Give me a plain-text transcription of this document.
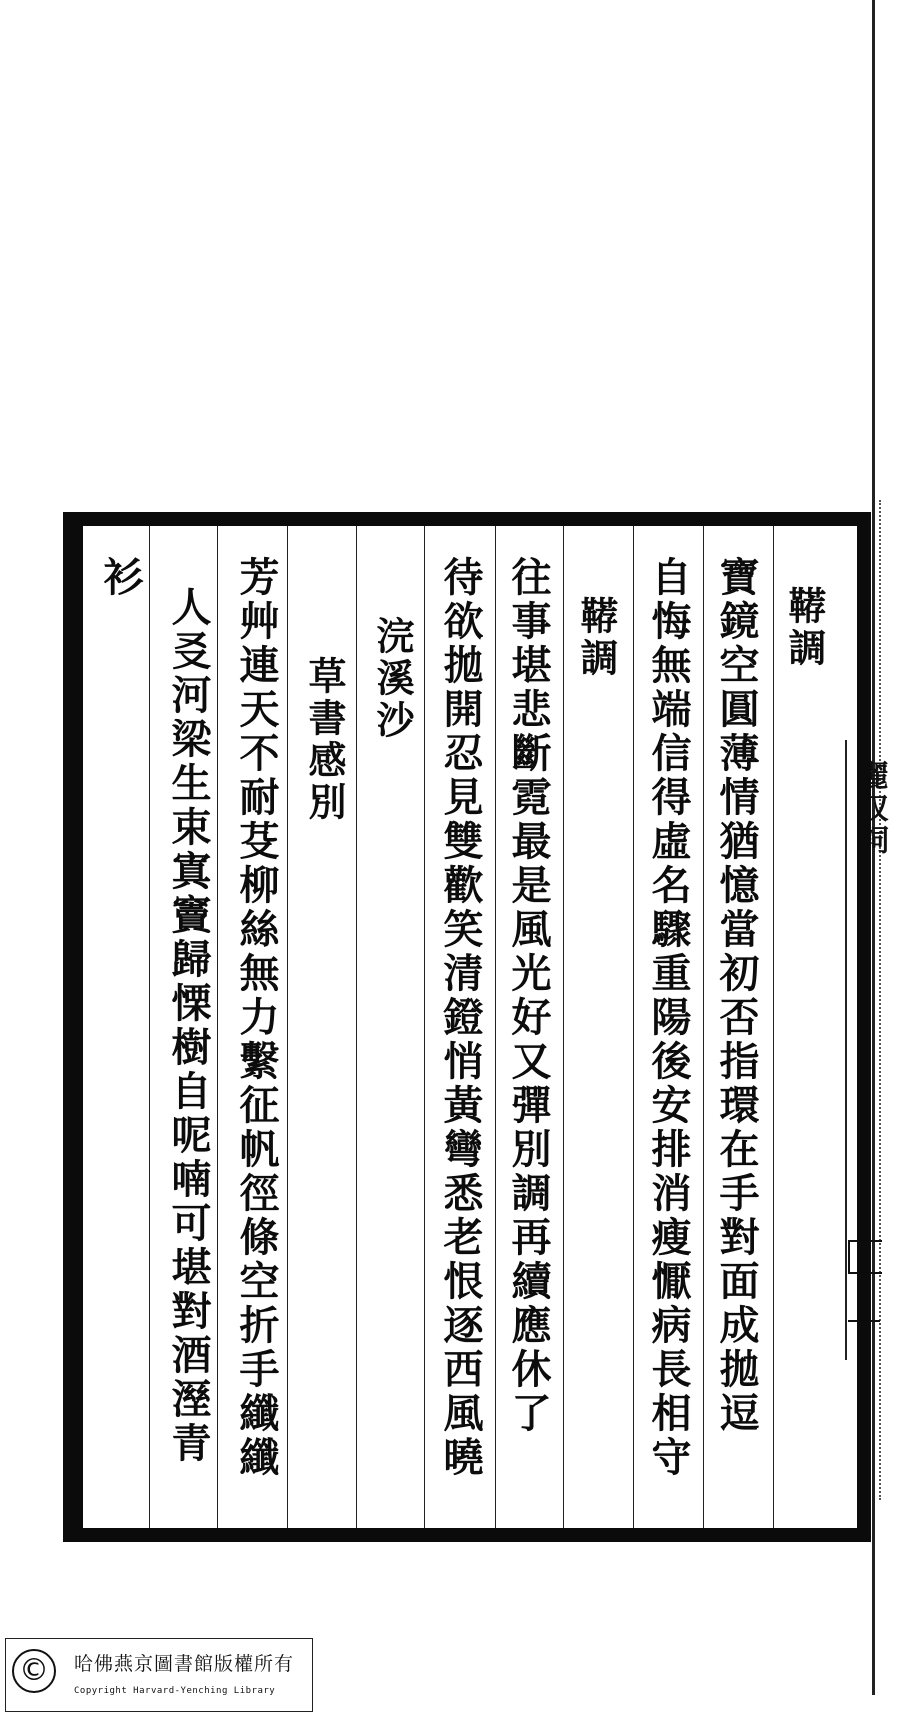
麗叹詞
鞯調
寶鏡空圓薄情猶憶當初否指環在手對面成拋逗
自悔無端信得虛名驟重陽後安排消瘦懨病長相守
鞯調
往事堪悲斷霓最是風光好又彈別調再續應休了
待欲拋開忍見雙歡笑清鐙悄黃彎悉老恨逐西風曉
浣溪沙
草書感別
芳艸連天不耐芟柳絲無力繫征帆徑條空折手纖纖
人㕛河梁生束寘竇歸慄樹自呢喃可堪對酒溼青
衫
©	哈佛燕京圖書館版權所有
Copyright Harvard-Yenching Library
